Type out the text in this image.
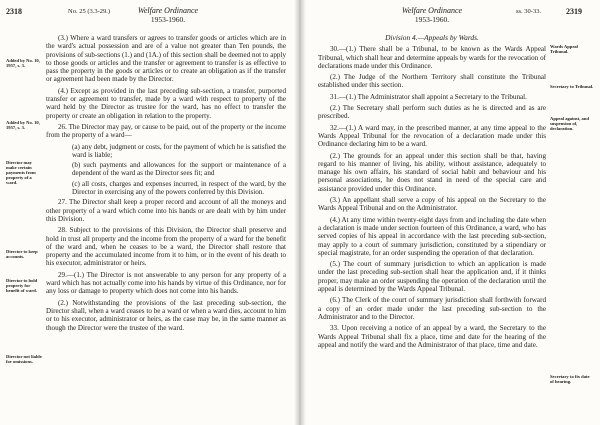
2318	No. 25 (3.3-29.)	Welfare Ordinance
1953-1960.
Added by No. 10, 1957, s. 3.
Added by No. 10, 1957, s. 3.
Director may make certain payments from property of a ward.
Director to keep accounts.
Director to hold property for benefit of ward.
Director not liable for omissions.

(3.) Where a ward transfers or agrees to transfer goods or articles which are in the ward's actual possession and are of a value not greater than Ten pounds, the provisions of sub-sections (1.) and (1A.) of this section shall be deemed not to apply to those goods or articles and the transfer or agreement to transfer is as effective to pass the property in the goods or articles or to create an obligation as if the transfer or agreement had been made by the Director.

(4.) Except as provided in the last preceding sub-section, a transfer, purported transfer or agreement to transfer, made by a ward with respect to property of the ward held by the Director as trustee for the ward, has no effect to transfer the property or create an obligation in relation to the property.

26. The Director may pay, or cause to be paid, out of the property or the income from the property of a ward—

(a) any debt, judgment or costs, for the payment of which he is satisfied the ward is liable;

(b) such payments and allowances for the support or maintenance of a dependent of the ward as the Director sees fit; and

(c) all costs, charges and expenses incurred, in respect of the ward, by the Director in exercising any of the powers conferred by this Division.

27. The Director shall keep a proper record and account of all the moneys and other property of a ward which come into his hands or are dealt with by him under this Division.

28. Subject to the provisions of this Division, the Director shall preserve and hold in trust all property and the income from the property of a ward for the benefit of the ward and, when he ceases to be a ward, the Director shall restore that property and the accumulated income from it to him, or in the event of his death to his executor, administrator or heirs.

29.—(1.) The Director is not answerable to any person for any property of a ward which has not actually come into his hands by virtue of this Ordinance, nor for any loss or damage to property which does not come into his hands.

(2.) Notwithstanding the provisions of the last preceding sub-section, the Director shall, when a ward ceases to be a ward or when a ward dies, account to him or to his executor, administrator or heirs, as the case may be, in the same manner as though the Director were the trustee of the ward.

Welfare Ordinance
1953-1960.
ss. 30-33.	2319
Wards Appeal Tribunal.
Secretary to Tribunal.
Appeal against, and suspension of, declaration.
Secretary to fix date of hearing.
Division 4.—Appeals by Wards.

30.—(1.) There shall be a Tribunal, to be known as the Wards Appeal Tribunal, which shall hear and determine appeals by wards for the revocation of declarations made under this Ordinance.

(2.) The Judge of the Northern Territory shall constitute the Tribunal established under this section.

31.—(1.) The Administrator shall appoint a Secretary to the Tribunal.

(2.) The Secretary shall perform such duties as he is directed and as are prescribed.

32.—(1.) A ward may, in the prescribed manner, at any time appeal to the Wards Appeal Tribunal for the revocation of a declaration made under this Ordinance declaring him to be a ward.

(2.) The grounds for an appeal under this section shall be that, having regard to his manner of living, his ability, without assistance, adequately to manage his own affairs, his standard of social habit and behaviour and his personal associations, he does not stand in need of the special care and assistance provided under this Ordinance.

(3.) An appellant shall serve a copy of his appeal on the Secretary to the Wards Appeal Tribunal and on the Administrator.

(4.) At any time within twenty-eight days from and including the date when a declaration is made under section fourteen of this Ordinance, a ward, who has served copies of his appeal in accordance with the last preceding sub-section, may apply to a court of summary jurisdiction, constituted by a stipendiary or special magistrate, for an order suspending the operation of that declaration.

(5.) The court of summary jurisdiction to which an application is made under the last preceding sub-section shall hear the application and, if it thinks proper, may make an order suspending the operation of the declaration until the appeal is determined by the Wards Appeal Tribunal.

(6.) The Clerk of the court of summary jurisdiction shall forthwith forward a copy of an order made under the last preceding sub-section to the Administrator and to the Director.

33. Upon receiving a notice of an appeal by a ward, the Secretary to the Wards Appeal Tribunal shall fix a place, time and date for the hearing of the appeal and notify the ward and the Administrator of that place, time and date.
